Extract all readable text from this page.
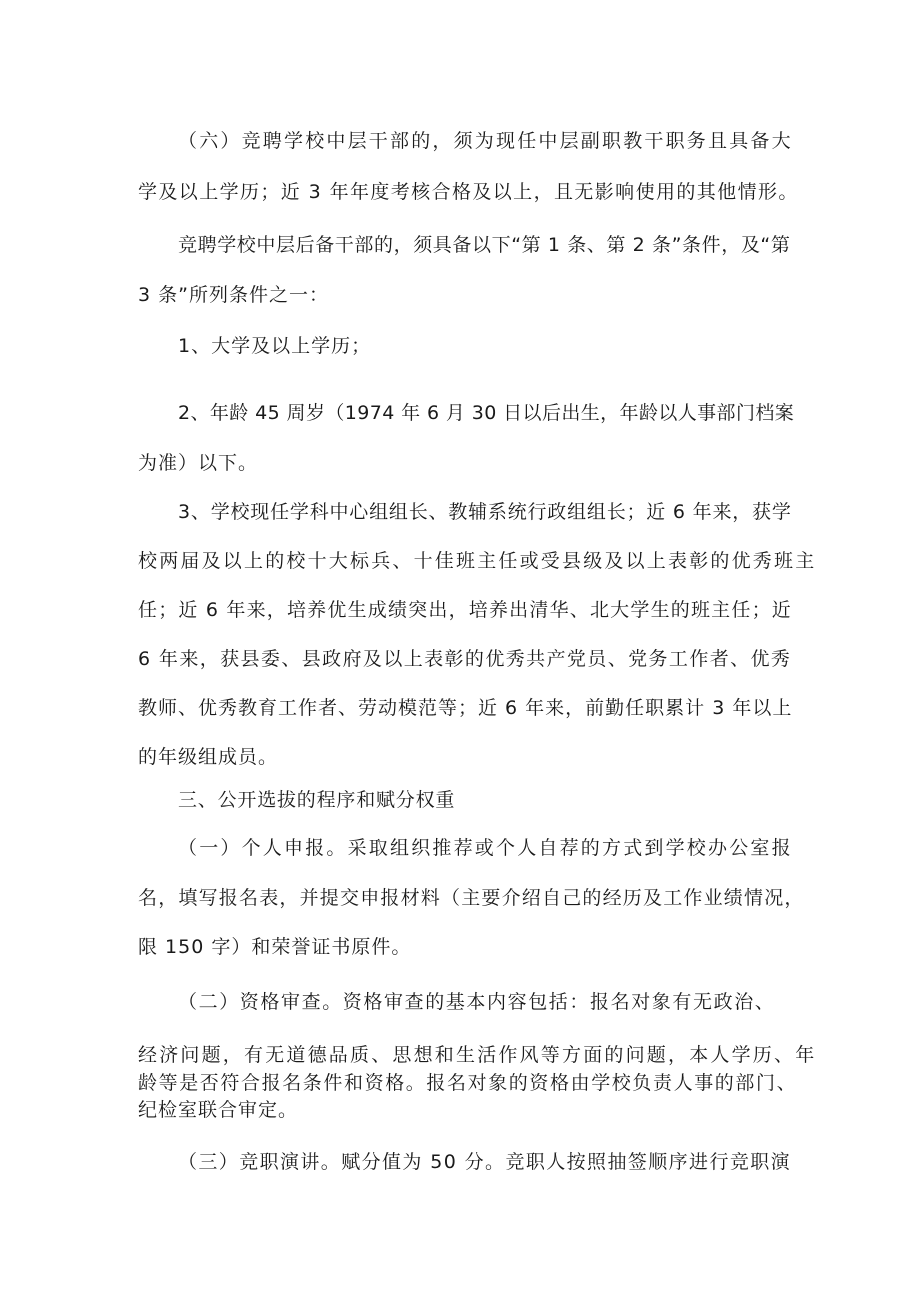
（六）竞聘学校中层干部的，须为现任中层副职教干职务且具备大
学及以上学历；近 3 年年度考核合格及以上，且无影响使用的其他情形。
竞聘学校中层后备干部的，须具备以下“第 1 条、第 2 条”条件，及“第
3 条”所列条件之一：
1、大学及以上学历；
2、年龄 45 周岁（1974 年 6 月 30 日以后出生，年龄以人事部门档案
为准）以下。
3、学校现任学科中心组组长、教辅系统行政组组长；近 6 年来，获学
校两届及以上的校十大标兵、十佳班主任或受县级及以上表彰的优秀班主
任；近 6 年来，培养优生成绩突出，培养出清华、北大学生的班主任；近
6 年来，获县委、县政府及以上表彰的优秀共产党员、党务工作者、优秀
教师、优秀教育工作者、劳动模范等；近 6 年来，前勤任职累计 3 年以上
的年级组成员。
三、公开选拔的程序和赋分权重
（一）个人申报。采取组织推荐或个人自荐的方式到学校办公室报
名，填写报名表，并提交申报材料（主要介绍自己的经历及工作业绩情况，
限 150 字）和荣誉证书原件。
（二）资格审查。资格审查的基本内容包括：报名对象有无政治、
经济问题，有无道德品质、思想和生活作风等方面的问题，本人学历、年
龄等是否符合报名条件和资格。报名对象的资格由学校负责人事的部门、
纪检室联合审定。
（三）竞职演讲。赋分值为 50 分。竞职人按照抽签顺序进行竞职演
